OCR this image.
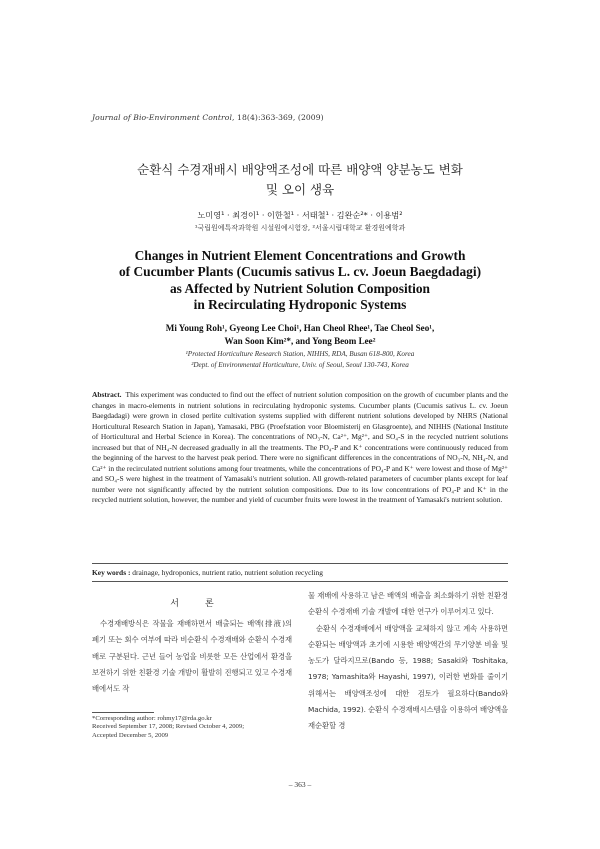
Journal of Bio-Environment Control, 18(4):363-369, (2009)
순환식 수경재배시 배양액조성에 따른 배양액 양분농도 변화
및 오이 생육
노미영¹ · 최경이¹ · 이한철¹ · 서태철¹ · 김완순²* · 이용범²
¹국립원예특작과학원 시설원예시험장, ²서울시립대학교 환경원예학과
Changes in Nutrient Element Concentrations and Growth
of Cucumber Plants (Cucumis sativus L. cv. Joeun Baegdadagi)
as Affected by Nutrient Solution Composition
in Recirculating Hydroponic Systems
Mi Young Roh¹, Gyeong Lee Choi¹, Han Cheol Rhee¹, Tae Cheol Seo¹,
Wan Soon Kim²*, and Yong Beom Lee²
¹Protected Horticulture Research Station, NIHHS, RDA, Busan 618-800, Korea
²Dept. of Environmental Horticulture, Univ. of Seoul, Seoul 130-743, Korea
Abstract. This experiment was conducted to find out the effect of nutrient solution composition on the growth of cucumber plants and the changes in macro-elements in nutrient solutions in recirculating hydroponic systems. Cucumber plants (Cucumis sativus L. cv. Joeun Baegdadagi) were grown in closed perlite cultivation systems supplied with different nutrient solutions developed by NHRS (National Horticultural Research Station in Japan), Yamasaki, PBG (Proefstation voor Bloemisterij en Glasgroente), and NIHHS (National Institute of Horticultural and Herbal Science in Korea). The concentrations of NO₃-N, Ca²⁺, Mg²⁺, and SO₄-S in the recycled nutrient solutions increased but that of NH₄-N decreased gradually in all the treatments. The PO₄-P and K⁺ concentrations were continuously reduced from the beginning of the harvest to the harvest peak period. There were no significant differences in the concentrations of NO₃-N, NH₄-N, and Ca²⁺ in the recirculated nutrient solutions among four treatments, while the concentrations of PO₄-P and K⁺ were lowest and those of Mg²⁺ and SO₄-S were highest in the treatment of Yamasaki's nutrient solution. All growth-related parameters of cucumber plants except for leaf number were not significantly affected by the nutrient solution compositions. Due to its low concentrations of PO₄-P and K⁺ in the recycled nutrient solution, however, the number and yield of cucumber fruits were lowest in the treatment of Yamasaki's nutrient solution.
Key words : drainage, hydroponics, nutrient ratio, nutrient solution recycling
서론

수경재배방식은 작물을 재배하면서 배출되는 배액(排液)의 폐기 또는 회수 여부에 따라 비순환식 수경재배와 순환식 수경재배로 구분된다. 근년 들어 농업을 비롯한 모든 산업에서 환경을 보전하기 위한 친환경 기술 개발이 활발히 진행되고 있고 수경재배에서도 작

물 재배에 사용하고 남은 배액의 배출을 최소화하기 위한 친환경 순환식 수경재배 기술 개발에 대한 연구가 이루어지고 있다.

순환식 수경재배에서 배양액을 교체하지 않고 계속 사용하면 순환되는 배양액과 초기에 시용한 배양액간의 무기양분 비율 및 농도가 달라지므로(Bando 등, 1988; Sasaki와 Toshitaka, 1978; Yamashita와 Hayashi, 1997), 이러한 변화를 줄이기 위해서는 배양액조성에 대한 검토가 필요하다(Bando와 Machida, 1992). 순환식 수경재배시스템을 이용하여 배양액을 재순환할 경

*Corresponding author: rohmy17@rda.go.kr
Received September 17, 2008; Revised October 4, 2009;
Accepted December 5, 2009
– 363 –
